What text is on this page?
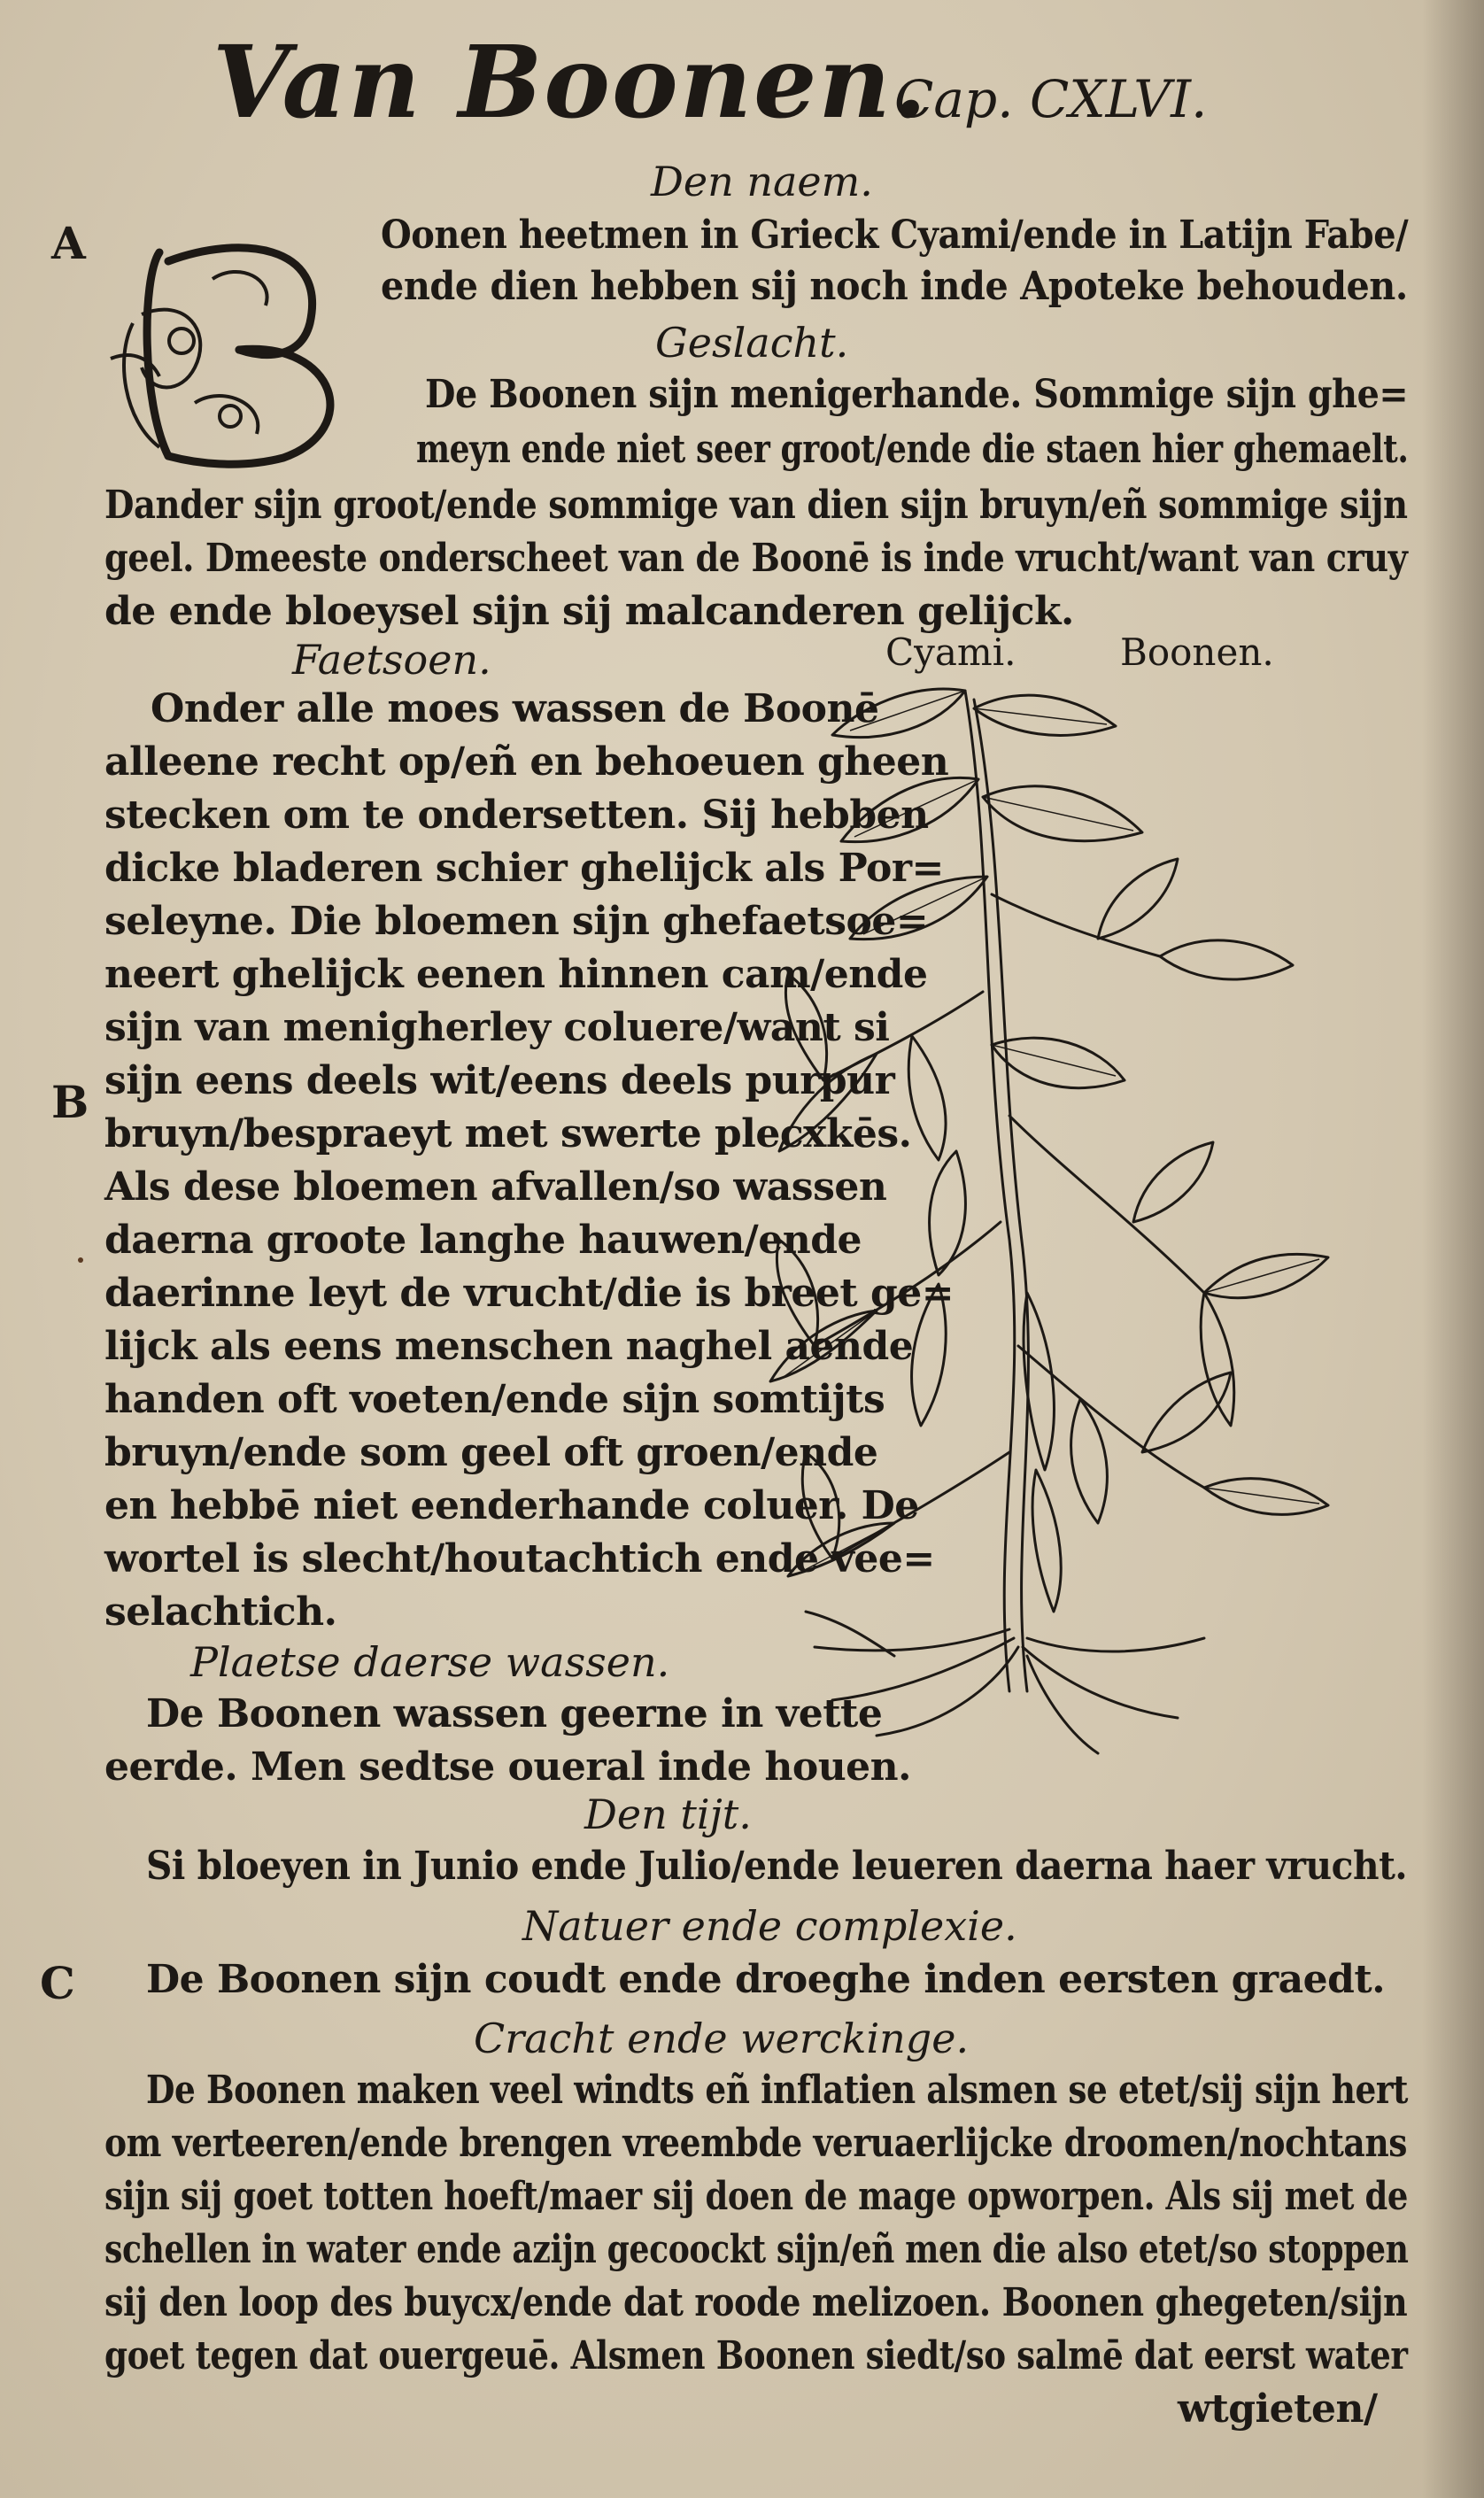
Van Boonen.
Cap. CXLVI.
Den naem.
A	Oonen heetmen in Grieck Cyami/ende in Latijn Fabe/
ende dien hebben sij noch inde Apoteke behouden.
Geslacht.
De Boonen sijn menigerhande. Sommige sijn ghe=
meyn ende niet seer groot/ende die staen hier ghemaelt.
Dander sijn groot/ende sommige van dien sijn bruyn/eñ sommige sijn
geel. Dmeeste onderscheet van de Boonē is inde vrucht/want van cruy
de ende bloeysel sijn sij malcanderen gelijck.
Faetsoen.	Cyami.	Boonen.
Onder alle moes wassen de Boonē
alleene recht op/eñ en behoeuen gheen
stecken om te ondersetten. Sij hebben
dicke bladeren schier ghelijck als Por=
seleyne. Die bloemen sijn ghefaetsoe=
neert ghelijck eenen hinnen cam/ende
sijn van menigherley coluere/want si
sijn eens deels wit/eens deels purpur
B
bruyn/bespraeyt met swerte plecxkēs.
Als dese bloemen afvallen/so wassen
daerna groote langhe hauwen/ende
daerinne leyt de vrucht/die is breet ge=
lijck als eens menschen naghel aende
handen oft voeten/ende sijn somtijts
bruyn/ende som geel oft groen/ende
en hebbē niet eenderhande coluer. De
wortel is slecht/houtachtich ende vee=
selachtich.
Plaetse daerse wassen.
De Boonen wassen geerne in vette
eerde. Men sedtse oueral inde houen.
Den tijt.
Si bloeyen in Junio ende Julio/ende leueren daerna haer vrucht.
Natuer ende complexie.
C De Boonen sijn coudt ende droeghe inden eersten graedt.
Cracht ende werckinge.
De Boonen maken veel windts eñ inflatien alsmen se etet/sij sijn hert
om verteeren/ende brengen vreembde veruaerlijcke droomen/nochtans
sijn sij goet totten hoeft/maer sij doen de mage opworpen. Als sij met de
schellen in water ende azijn gecoockt sijn/eñ men die also etet/so stoppen
sij den loop des buycx/ende dat roode melizoen. Boonen ghegeten/sijn
goet tegen dat ouergeuē. Alsmen Boonen siedt/so salmē dat eerst water
wtgieten/
